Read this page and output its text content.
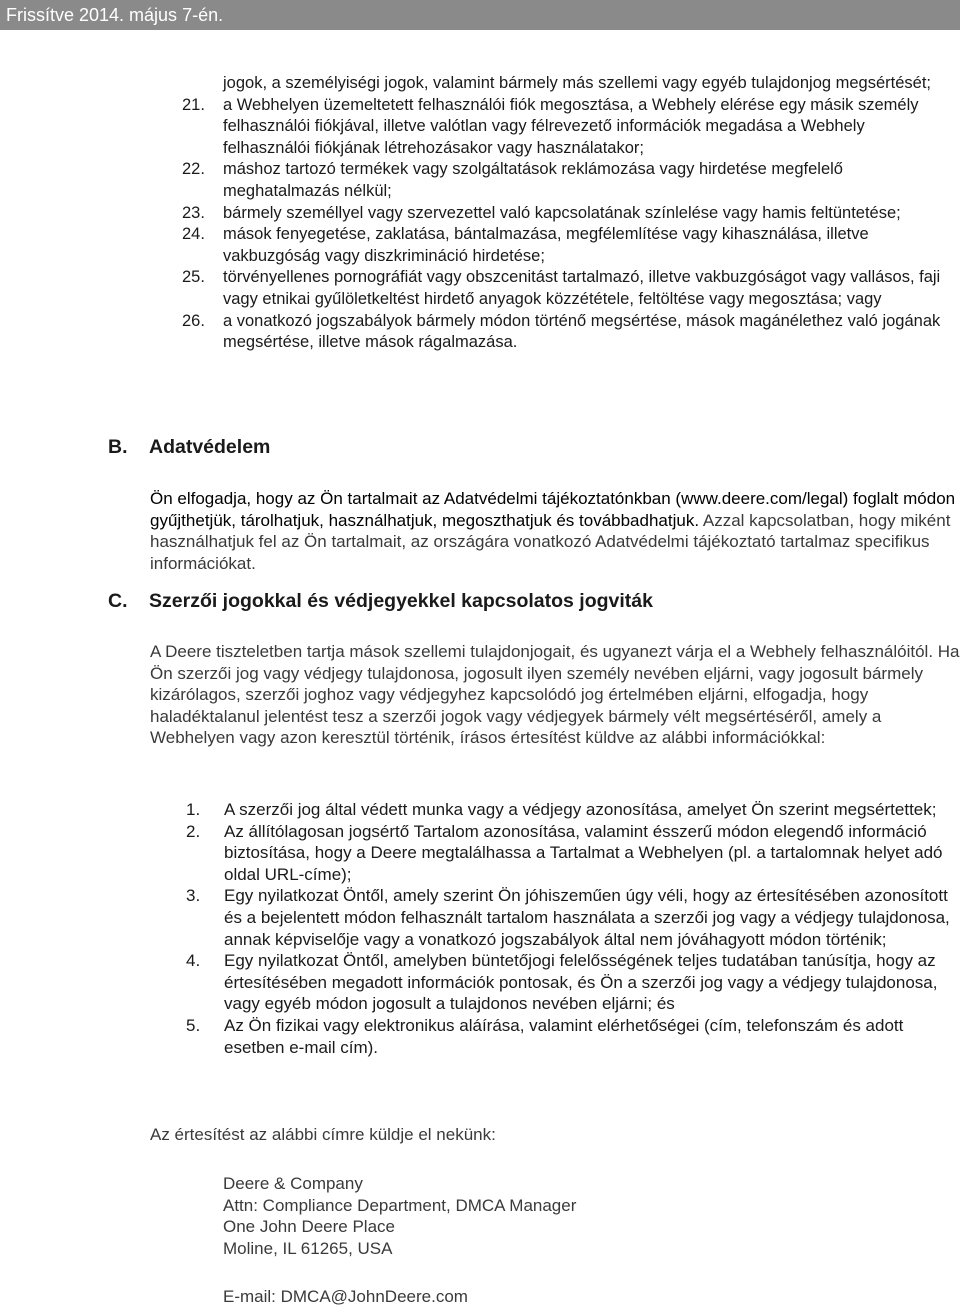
Frissítve 2014. május 7-én.
jogok, a személyiségi jogok, valamint bármely más szellemi vagy egyéb tulajdonjog megsértését;
21. a Webhelyen üzemeltetett felhasználói fiók megosztása, a Webhely elérése egy másik személy felhasználói fiókjával, illetve valótlan vagy félrevezető információk megadása a Webhely felhasználói fiókjának létrehozásakor vagy használatakor;
22. máshoz tartozó termékek vagy szolgáltatások reklámozása vagy hirdetése megfelelő meghatalmazás nélkül;
23. bármely személlyel vagy szervezettel való kapcsolatának színlelése vagy hamis feltüntetése;
24. mások fenyegetése, zaklatása, bántalmazása, megfélemlítése vagy kihasználása, illetve vakbuzgóság vagy diszkrimináció hirdetése;
25. törvényellenes pornográfiát vagy obszcenitást tartalmazó, illetve vakbuzgóságot vagy vallásos, faji vagy etnikai gyűlöletkeltést hirdető anyagok közzététele, feltöltése vagy megosztása; vagy
26. a vonatkozó jogszabályok bármely módon történő megsértése, mások magánélethez való jogának megsértése, illetve mások rágalmazása.
B. Adatvédelem
Ön elfogadja, hogy az Ön tartalmait az Adatvédelmi tájékoztatónkban (www.deere.com/legal) foglalt módon gyűjthetjük, tárolhatjuk, használhatjuk, megoszthatjuk és továbbadhatjuk. Azzal kapcsolatban, hogy miként használhatjuk fel az Ön tartalmait, az országára vonatkozó Adatvédelmi tájékoztató tartalmaz specifikus információkat.
C. Szerzői jogokkal és védjegyekkel kapcsolatos jogviták
A Deere tiszteletben tartja mások szellemi tulajdonjogait, és ugyanezt várja el a Webhely felhasználóitól. Ha Ön szerzői jog vagy védjegy tulajdonosa, jogosult ilyen személy nevében eljárni, vagy jogosult bármely kizárólagos, szerzői joghoz vagy védjegyhez kapcsolódó jog értelmében eljárni, elfogadja, hogy haladéktalanul jelentést tesz a szerzői jogok vagy védjegyek bármely vélt megsértéséről, amely a Webhelyen vagy azon keresztül történik, írásos értesítést küldve az alábbi információkkal:
1. A szerzői jog által védett munka vagy a védjegy azonosítása, amelyet Ön szerint megsértettek;
2. Az állítólagosan jogsértő Tartalom azonosítása, valamint ésszerű módon elegendő információ biztosítása, hogy a Deere megtalálhassa a Tartalmat a Webhelyen (pl. a tartalomnak helyet adó oldal URL-címe);
3. Egy nyilatkozat Öntől, amely szerint Ön jóhiszeműen úgy véli, hogy az értesítésében azonosított és a bejelentett módon felhasznált tartalom használata a szerzői jog vagy a védjegy tulajdonosa, annak képviselője vagy a vonatkozó jogszabályok által nem jóváhagyott módon történik;
4. Egy nyilatkozat Öntől, amelyben büntetőjogi felelősségének teljes tudatában tanúsítja, hogy az értesítésében megadott információk pontosak, és Ön a szerzői jog vagy a védjegy tulajdonosa, vagy egyéb módon jogosult a tulajdonos nevében eljárni; és
5. Az Ön fizikai vagy elektronikus aláírása, valamint elérhetőségei (cím, telefonszám és adott esetben e-mail cím).
Az értesítést az alábbi címre küldje el nekünk:
Deere & Company
Attn: Compliance Department, DMCA Manager
One John Deere Place
Moline, IL 61265, USA
E-mail: DMCA@JohnDeere.com
